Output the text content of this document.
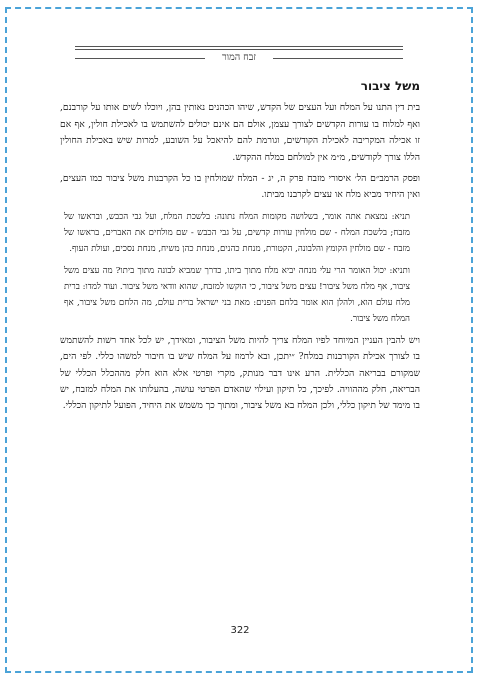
זבח המור
משל ציבור

בית דין התנו על המלח ועל העצים של הקדש, שיהו הכהנים נאותין בהן, ויוכלו לשים אותו על קורבנם, ואף למלוח בו עורות הקדשים לצורך עצמן, אולם הם אינם יכולים להשתמש בו לאכילת חולין, אף אם זו אכילה המקריבה לאכילת הקודשים, וגורמת להם להיאכל על השובע, למרות שיש באכילת החולין הללו צורך לקודשים, מ״מ אין למולחם במלח ההקדש.

ופסק הרמב״ם הל׳ איסורי מזבח פרק ה, יג - המלח שמולחין בו כל הקרבנות משל ציבור כמו העצים, ואין היחיד מביא מלח או עצים לקרבנו מביתו.

תניא: נמצאת אתה אומר, בשלושה מקומות המלח נתונה: בלשכת המלח, ועל גבי הכבש, ובראשו של מזבח; בלשכת המלח - שם מולחין עורות קדשים, על גבי הכבש - שם מולחים את האברים, בראשו של מזבח - שם מולחין הקומץ והלבונה, הקטורת, מנחת כהנים, מנחת כהן משיח, מנחת נסכים, ועולת העוף.

ותניא: יכול האומר הרי עלי מנחה יביא מלח מתוך ביתו, כדרך שמביא לבונה מתוך ביתו? מה עצים משל ציבור, אף מלח משל ציבור! עצים משל ציבור, כי הוקשו למזבח, שהוא וודאי משל ציבור. ועוד למדו: ברית מלח עולם הוא, ולהלן הוא אומר בלחם הפנים: מאת בני ישראל ברית עולם, מה הלחם משל ציבור, אף המלח משל ציבור.

ויש להבין העניין המיוחד לפיו המלח צריך להיות משל הציבור, ומאידך, יש לכל אחד רשות להשתמש בו לצורך אכילת הקורבנות במלח? ״יתכן, ובא לרמוז על המלח שיש בו חיבור למשהו כללי. לפי הים, שמקורם בבריאה הכללית. הרע אינו דבר מנותק, מקרי ופרטי אלא הוא חלק מההכלל הכללי של הבריאה, חלק מההוויה. לפיכך, כל תיקון ועילוי שהאדם הפרטי עושה, בהעלותו את המלח למזבח, יש בו מימד של תיקון כללי, ולכן המלח בא משל ציבור, ומתוך כך משמש את היחיד, הפועל לתיקון הכללי.

322
